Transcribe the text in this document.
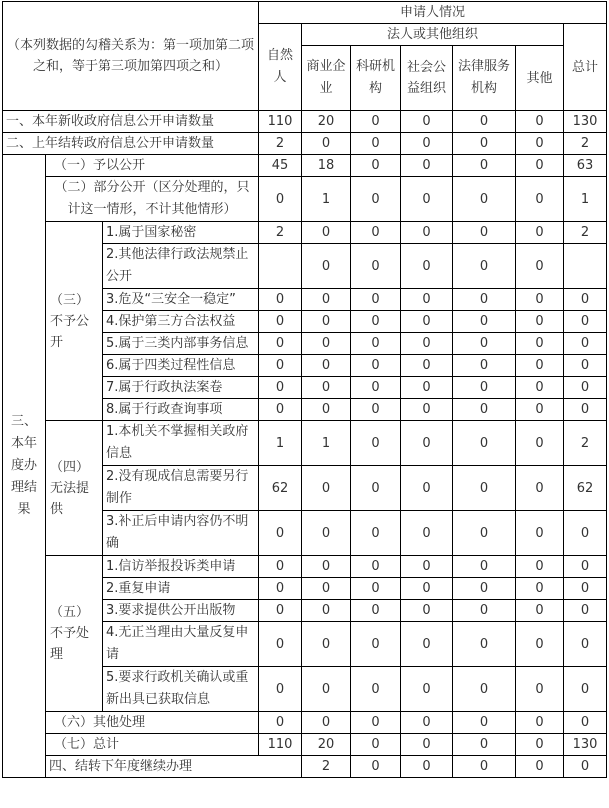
（本列数据的勾稽关系为：第一项加第二项之和，等于第三项加第四项之和）			申请人情况							
			自然人	法人或其他组织					总计	
				商业企业	科研机构	社会公益组织	法律服务机构	其他		
一、本年新收政府信息公开申请数量			110	20	0	0	0	0	130	
二、上年结转政府信息公开申请数量			2	0	0	0	0	0	2	
三、本年度办理结果	（一）予以公开		45	18	0	0	0	0	63	
	（二）部分公开（区分处理的，只计这一情形，不计其他情形）		0	1	0	0	0	0	1	
	（三）不予公开	1.属于国家秘密	2	0	0	0	0	0	2	
		2.其他法律行政法规禁止公开		0	0	0	0	0		
		3.危及“三安全一稳定”	0	0	0	0	0	0	0	
		4.保护第三方合法权益	0	0	0	0	0	0	0	
		5.属于三类内部事务信息	0	0	0	0	0	0	0	
		6.属于四类过程性信息	0	0	0	0	0	0	0	
		7.属于行政执法案卷	0	0	0	0	0	0	0	
		8.属于行政查询事项	0	0	0	0	0	0	0	
	（四）无法提供	1.本机关不掌握相关政府信息	1	1	0	0	0	0	2	
		2.没有现成信息需要另行制作	62	0	0	0	0	0	62	
		3.补正后申请内容仍不明确	0	0	0	0	0	0	0	
	（五）不予处理	1.信访举报投诉类申请	0	0	0	0	0	0	0	
		2.重复申请	0	0	0	0	0	0	0	
		3.要求提供公开出版物	0	0	0	0	0	0	0	
		4.无正当理由大量反复申请	0	0	0	0	0	0	0	
		5.要求行政机关确认或重新出具已获取信息	0	0	0	0	0	0	0	
	（六）其他处理		0	0	0	0	0	0	0	
	（七）总计		110	20	0	0	0	0	130	
	四、结转下年度继续办理			2	0	0	0	0	0	
